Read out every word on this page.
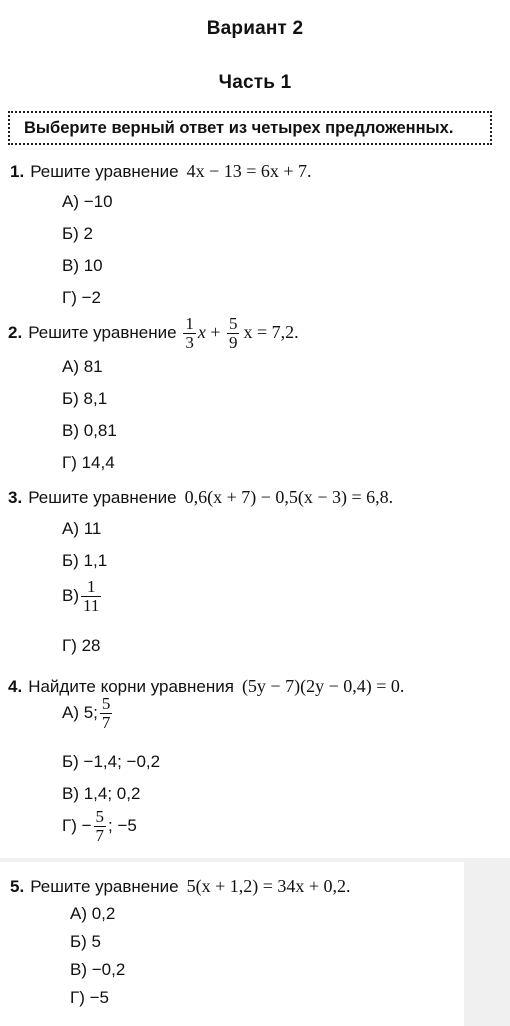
Вариант 2
Часть 1
Выберите верный ответ из четырех предложенных.
1. Решите уравнение 4x − 13 = 6x + 7.
А) −10
Б) 2
В) 10
Г) −2
2. Решите уравнение $\frac{1}{3}$ $x + \frac{5}{9}$ x = 7,2.
А) 81
Б) 8,1
В) 0,81
Г) 14,4
3. Решите уравнение 0,6(x + 7) − 0,5(x − 3) = 6,8.
А) 11
Б) 1,1
$В) \frac{1}{11}$
Г) 28
4. Найдите корни уравнения (5y − 7)(2y − 0,4) = 0.
А) 5; $\frac{5}{7}$
Б) −1,4; −0,2
В) 1,4; 0,2
$Г) - \frac{5}{7}$ ; −5
5. Решите уравнение 5(x + 1,2) = 34x + 0,2.
А) 0,2
Б) 5
В) −0,2
Г) −5
